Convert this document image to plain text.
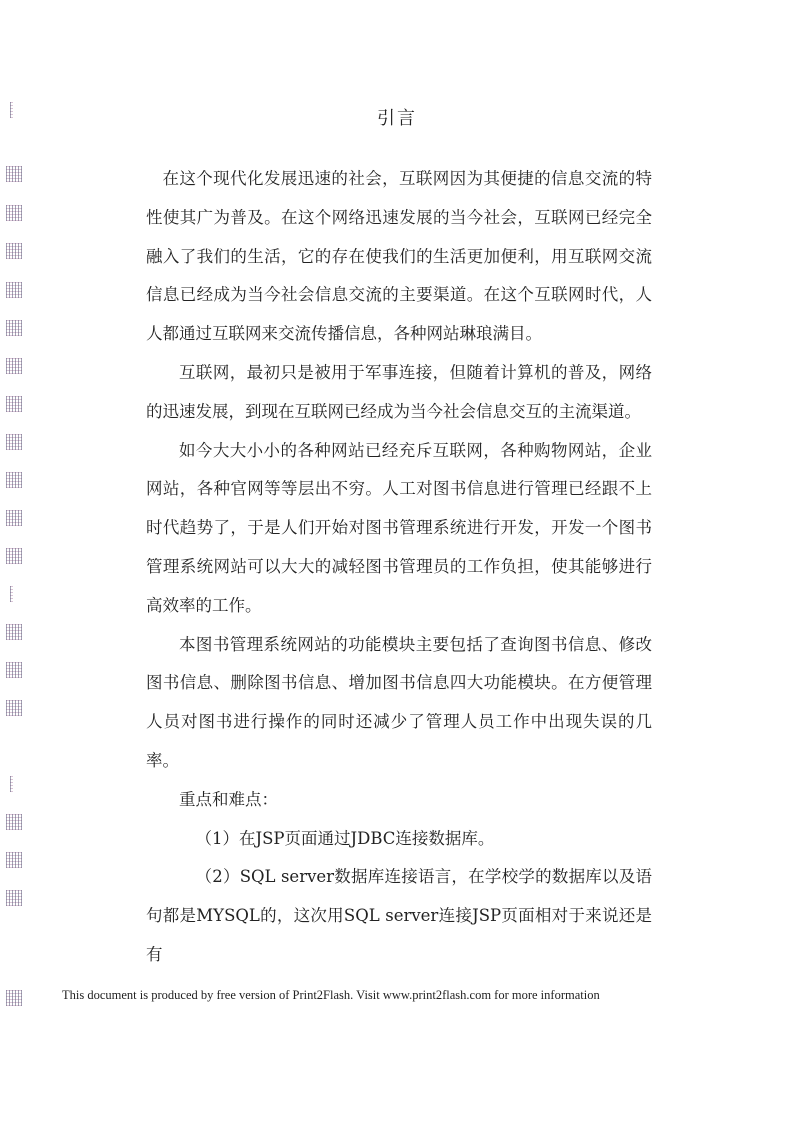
引言

在这个现代化发展迅速的社会，互联网因为其便捷的信息交流的特性使其广为普及。在这个网络迅速发展的当今社会，互联网已经完全融入了我们的生活，它的存在使我们的生活更加便利，用互联网交流信息已经成为当今社会信息交流的主要渠道。在这个互联网时代，人人都通过互联网来交流传播信息，各种网站琳琅满目。

互联网，最初只是被用于军事连接，但随着计算机的普及，网络的迅速发展，到现在互联网已经成为当今社会信息交互的主流渠道。

如今大大小小的各种网站已经充斥互联网，各种购物网站，企业网站，各种官网等等层出不穷。人工对图书信息进行管理已经跟不上时代趋势了，于是人们开始对图书管理系统进行开发，开发一个图书管理系统网站可以大大的减轻图书管理员的工作负担，使其能够进行高效率的工作。

本图书管理系统网站的功能模块主要包括了查询图书信息、修改图书信息、删除图书信息、增加图书信息四大功能模块。在方便管理人员对图书进行操作的同时还减少了管理人员工作中出现失误的几率。

重点和难点：

（1）在JSP页面通过JDBC连接数据库。

（2）SQL server数据库连接语言，在学校学的数据库以及语句都是MYSQL的，这次用SQL server连接JSP页面相对于来说还是有

This document is produced by free version of Print2Flash. Visit www.print2flash.com for more information
